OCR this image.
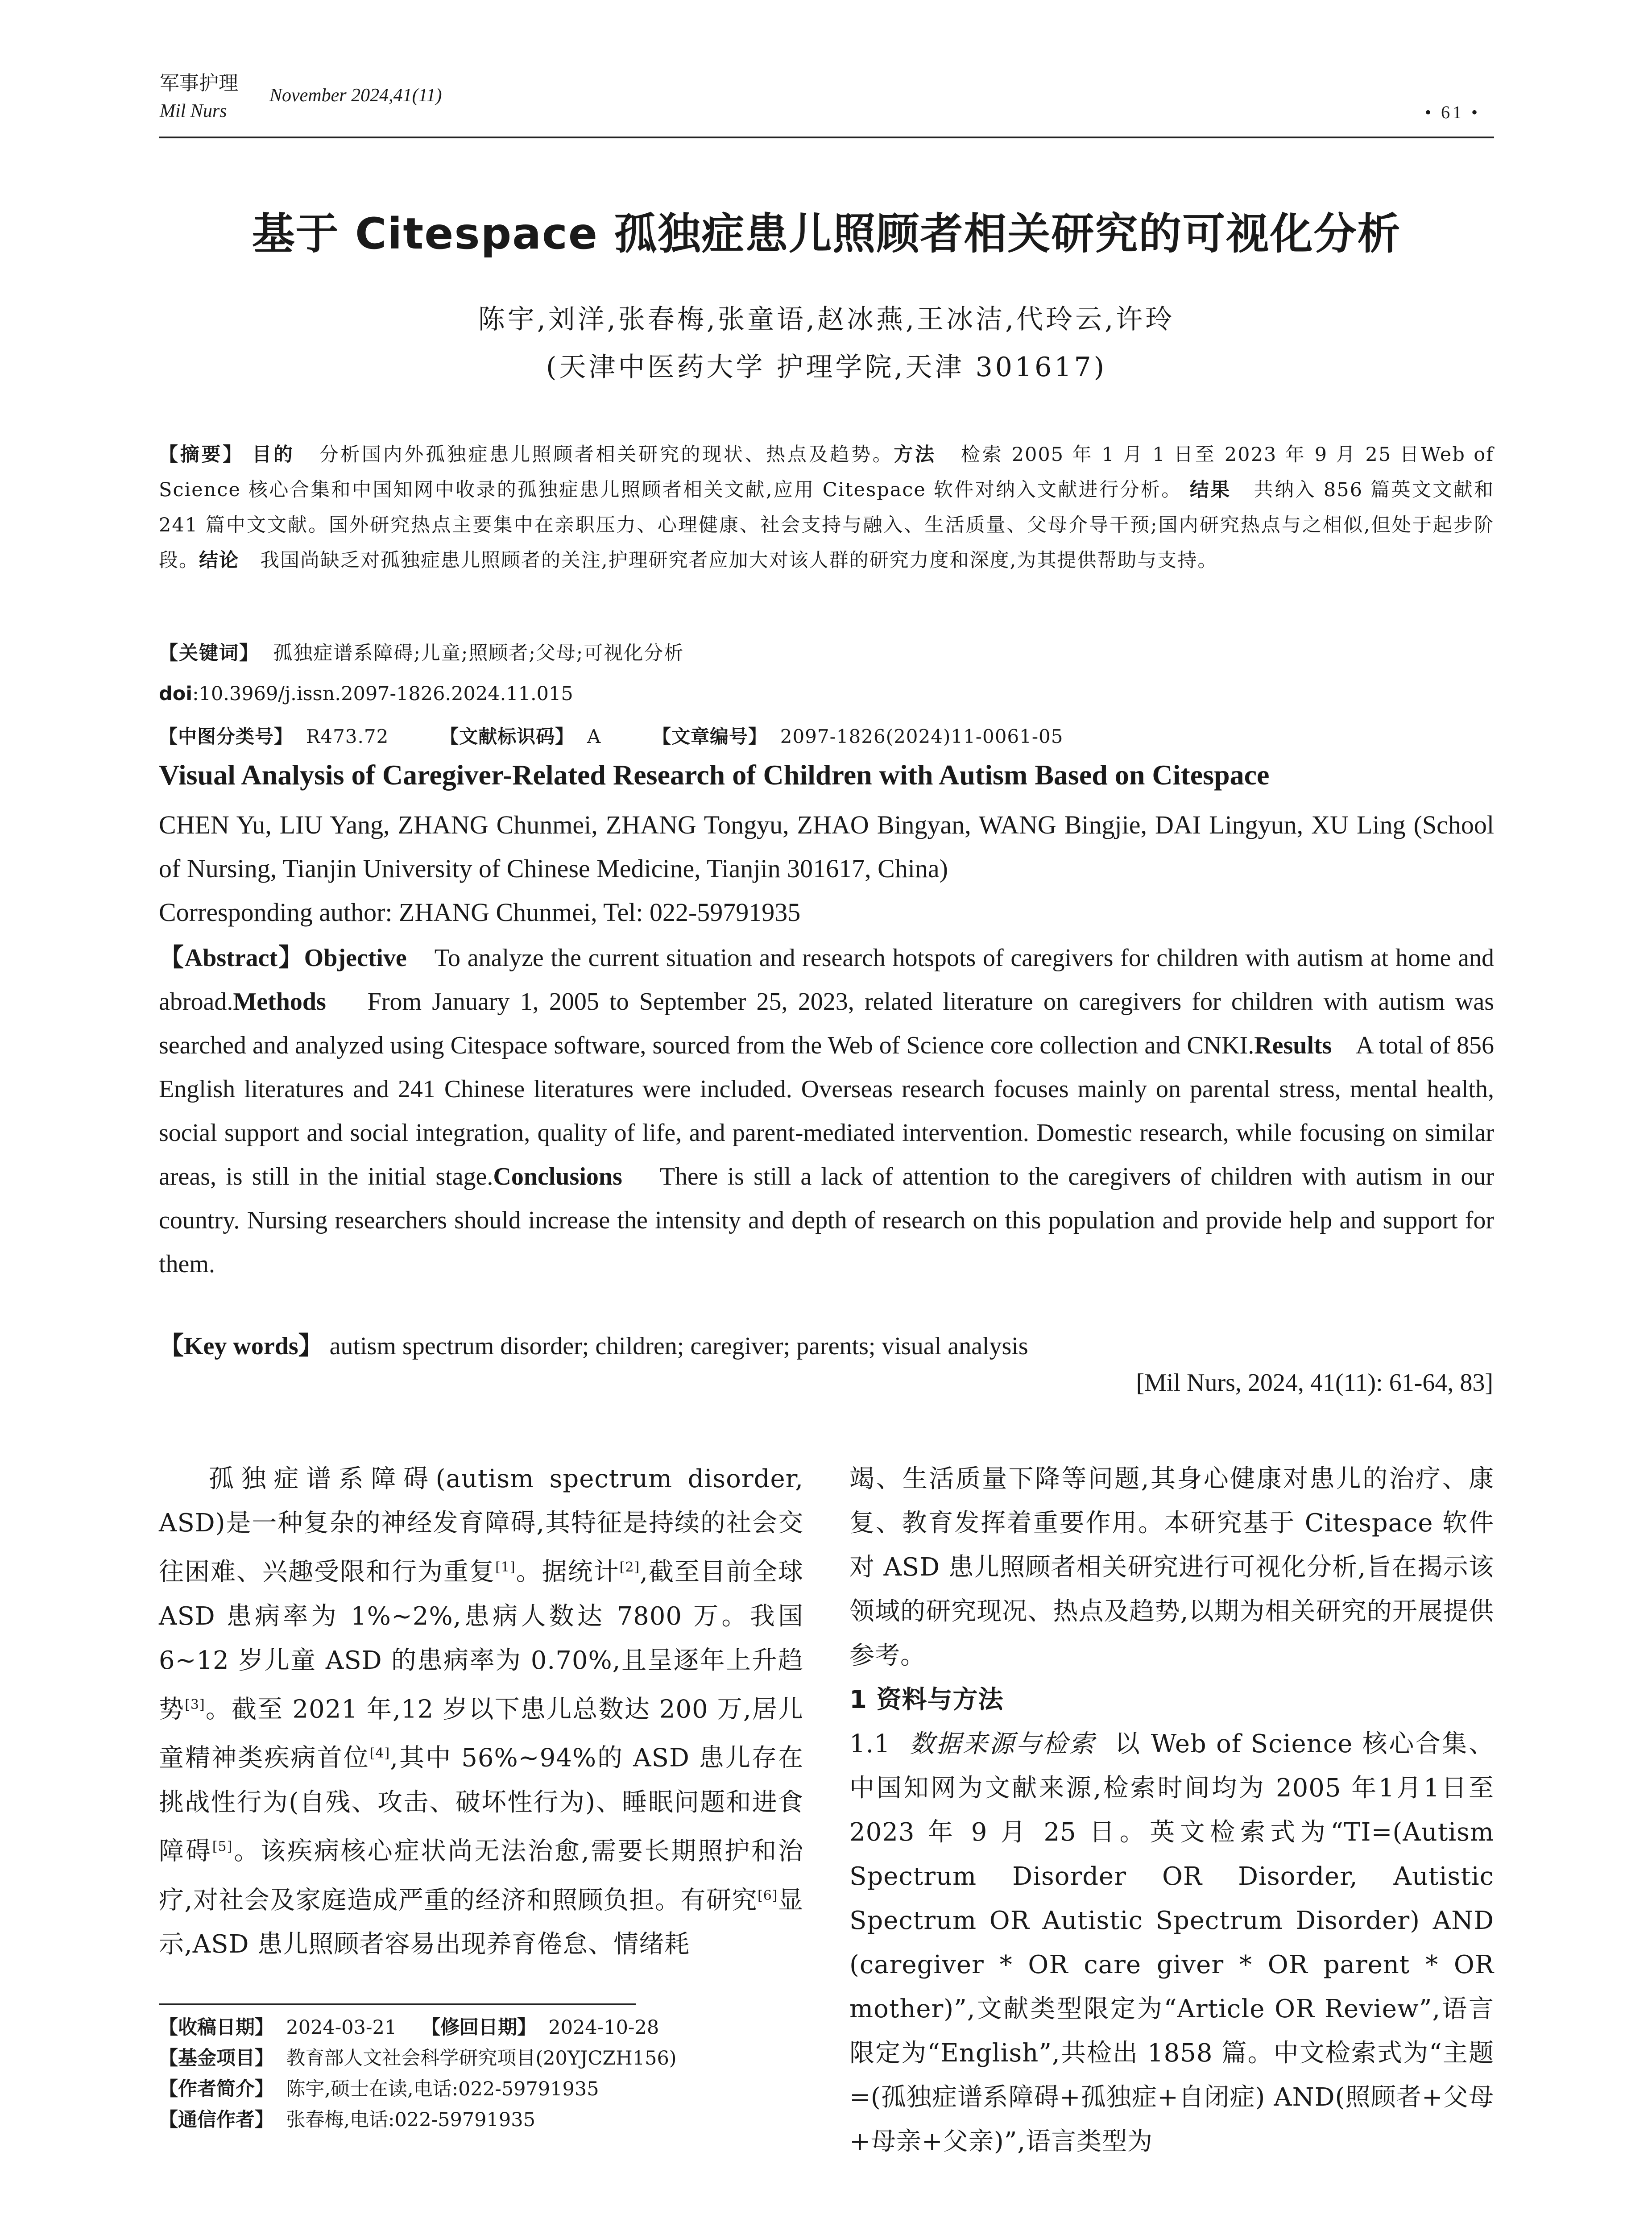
军事护理
Mil Nurs
November 2024,41(11)
• 61 •
基于 Citespace 孤独症患儿照顾者相关研究的可视化分析
陈宇,刘洋,张春梅,张童语,赵冰燕,王冰洁,代玲云,许玲
(天津中医药大学 护理学院,天津 301617)
【摘要】 目的 分析国内外孤独症患儿照顾者相关研究的现状、热点及趋势。方法 检索 2005 年 1 月 1 日至 2023 年 9 月 25 日Web of Science 核心合集和中国知网中收录的孤独症患儿照顾者相关文献,应用 Citespace 软件对纳入文献进行分析。 结果 共纳入 856 篇英文文献和 241 篇中文文献。国外研究热点主要集中在亲职压力、心理健康、社会支持与融入、生活质量、父母介导干预;国内研究热点与之相似,但处于起步阶段。结论 我国尚缺乏对孤独症患儿照顾者的关注,护理研究者应加大对该人群的研究力度和深度,为其提供帮助与支持。
【关键词】 孤独症谱系障碍;儿童;照顾者;父母;可视化分析
doi:10.3969/j.issn.2097-1826.2024.11.015
【中图分类号】 R473.72	【文献标识码】 A	【文章编号】 2097-1826(2024)11-0061-05
Visual Analysis of Caregiver-Related Research of Children with Autism Based on Citespace
CHEN Yu, LIU Yang, ZHANG Chunmei, ZHANG Tongyu, ZHAO Bingyan, WANG Bingjie, DAI Lingyun, XU Ling (School of Nursing, Tianjin University of Chinese Medicine, Tianjin 301617, China)
Corresponding author: ZHANG Chunmei, Tel: 022-59791935
【Abstract】Objective To analyze the current situation and research hotspots of caregivers for children with autism at home and abroad.Methods From January 1, 2005 to September 25, 2023, related literature on caregivers for children with autism was searched and analyzed using Citespace software, sourced from the Web of Science core collection and CNKI.Results A total of 856 English literatures and 241 Chinese literatures were included. Overseas research focuses mainly on parental stress, mental health, social support and social integration, quality of life, and parent-mediated intervention. Domestic research, while focusing on similar areas, is still in the initial stage.Conclusions There is still a lack of attention to the caregivers of children with autism in our country. Nursing researchers should increase the intensity and depth of research on this population and provide help and support for them.
【Key words】 autism spectrum disorder; children; caregiver; parents; visual analysis
[Mil Nurs, 2024, 41(11): 61-64, 83]

孤独症谱系障碍(autism spectrum disorder, ASD)是一种复杂的神经发育障碍,其特征是持续的社会交往困难、兴趣受限和行为重复[1]。据统计[2],截至目前全球 ASD 患病率为 1%~2%,患病人数达 7800 万。我国 6~12 岁儿童 ASD 的患病率为 0.70%,且呈逐年上升趋势[3]。截至 2021 年,12 岁以下患儿总数达 200 万,居儿童精神类疾病首位[4],其中 56%~94%的 ASD 患儿存在挑战性行为(自残、攻击、破坏性行为)、睡眠问题和进食障碍[5]。该疾病核心症状尚无法治愈,需要长期照护和治疗,对社会及家庭造成严重的经济和照顾负担。有研究[6]显示,ASD 患儿照顾者容易出现养育倦怠、情绪耗

【收稿日期】 2024-03-21 【修回日期】 2024-10-28
【基金项目】 教育部人文社会科学研究项目(20YJCZH156)
【作者简介】 陈宇,硕士在读,电话:022-59791935
【通信作者】 张春梅,电话:022-59791935

竭、生活质量下降等问题,其身心健康对患儿的治疗、康复、教育发挥着重要作用。本研究基于 Citespace 软件对 ASD 患儿照顾者相关研究进行可视化分析,旨在揭示该领域的研究现况、热点及趋势,以期为相关研究的开展提供参考。

1 资料与方法

1.1 数据来源与检索 以 Web of Science 核心合集、中国知网为文献来源,检索时间均为 2005 年1月1日至 2023 年 9 月 25 日。英文检索式为“TI=(Autism Spectrum Disorder OR Disorder, Autistic Spectrum OR Autistic Spectrum Disorder) AND (caregiver * OR care giver * OR parent * OR mother)”,文献类型限定为“Article OR Review”,语言限定为“English”,共检出 1858 篇。中文检索式为“主题=(孤独症谱系障碍+孤独症+自闭症) AND(照顾者+父母+母亲+父亲)”,语言类型为
